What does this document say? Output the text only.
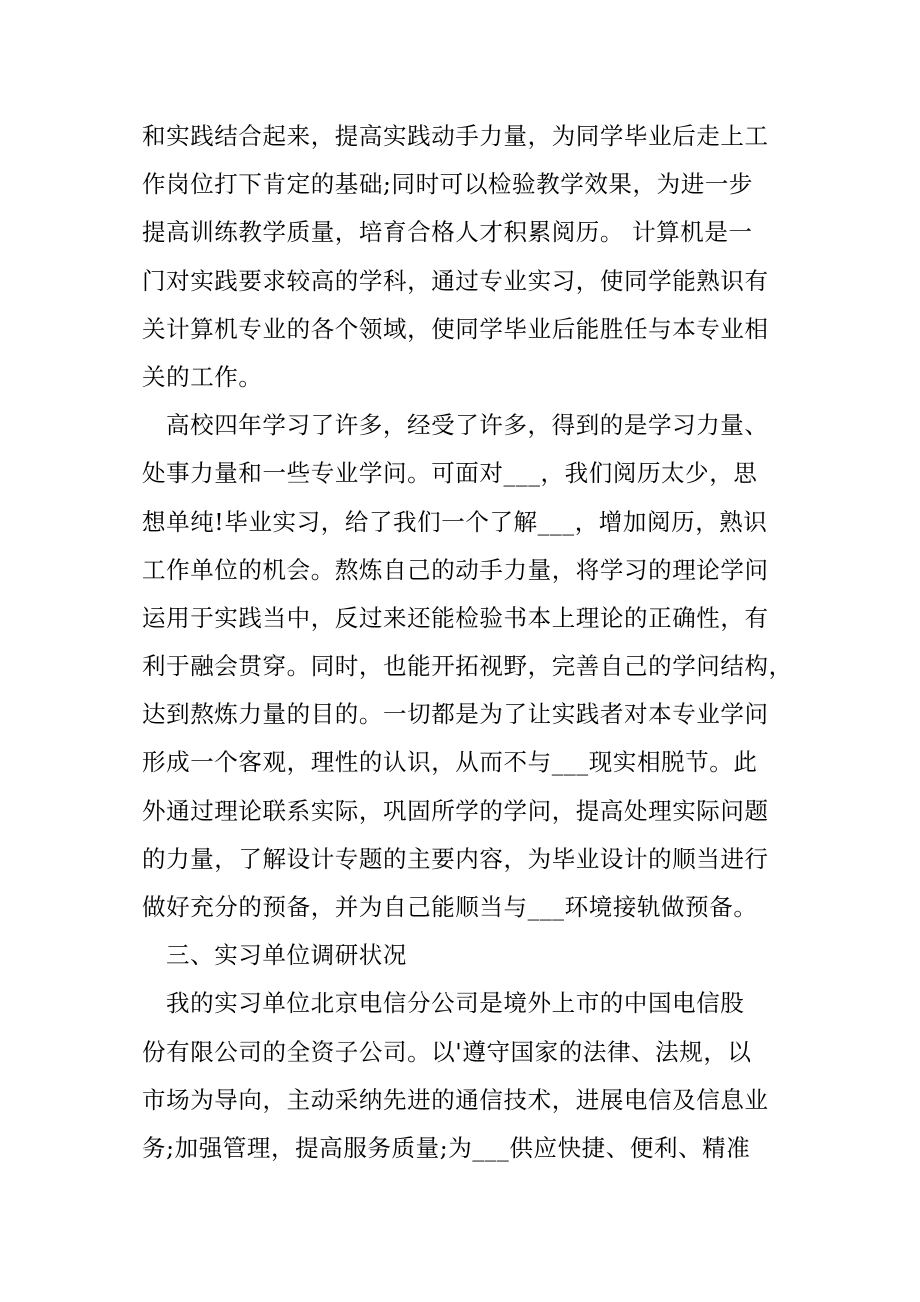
和实践结合起来，提高实践动手力量，为同学毕业后走上工
作岗位打下肯定的基础;同时可以检验教学效果，为进一步
提高训练教学质量，培育合格人才积累阅历。 计算机是一
门对实践要求较高的学科，通过专业实习，使同学能熟识有
关计算机专业的各个领域，使同学毕业后能胜任与本专业相
关的工作。
高校四年学习了许多，经受了许多，得到的是学习力量、
处事力量和一些专业学问。可面对___，我们阅历太少，思
想单纯!毕业实习，给了我们一个了解___，增加阅历，熟识
工作单位的机会。熬炼自己的动手力量，将学习的理论学问
运用于实践当中，反过来还能检验书本上理论的正确性，有
利于融会贯穿。同时，也能开拓视野，完善自己的学问结构，
达到熬炼力量的目的。一切都是为了让实践者对本专业学问
形成一个客观，理性的认识，从而不与___现实相脱节。此
外通过理论联系实际，巩固所学的学问，提高处理实际问题
的力量，了解设计专题的主要内容，为毕业设计的顺当进行
做好充分的预备，并为自己能顺当与___环境接轨做预备。
三、实习单位调研状况
我的实习单位北京电信分公司是境外上市的中国电信股
份有限公司的全资子公司。以'遵守国家的法律、法规，以
市场为导向，主动采纳先进的通信技术，进展电信及信息业
务;加强管理，提高服务质量;为___供应快捷、便利、精准
